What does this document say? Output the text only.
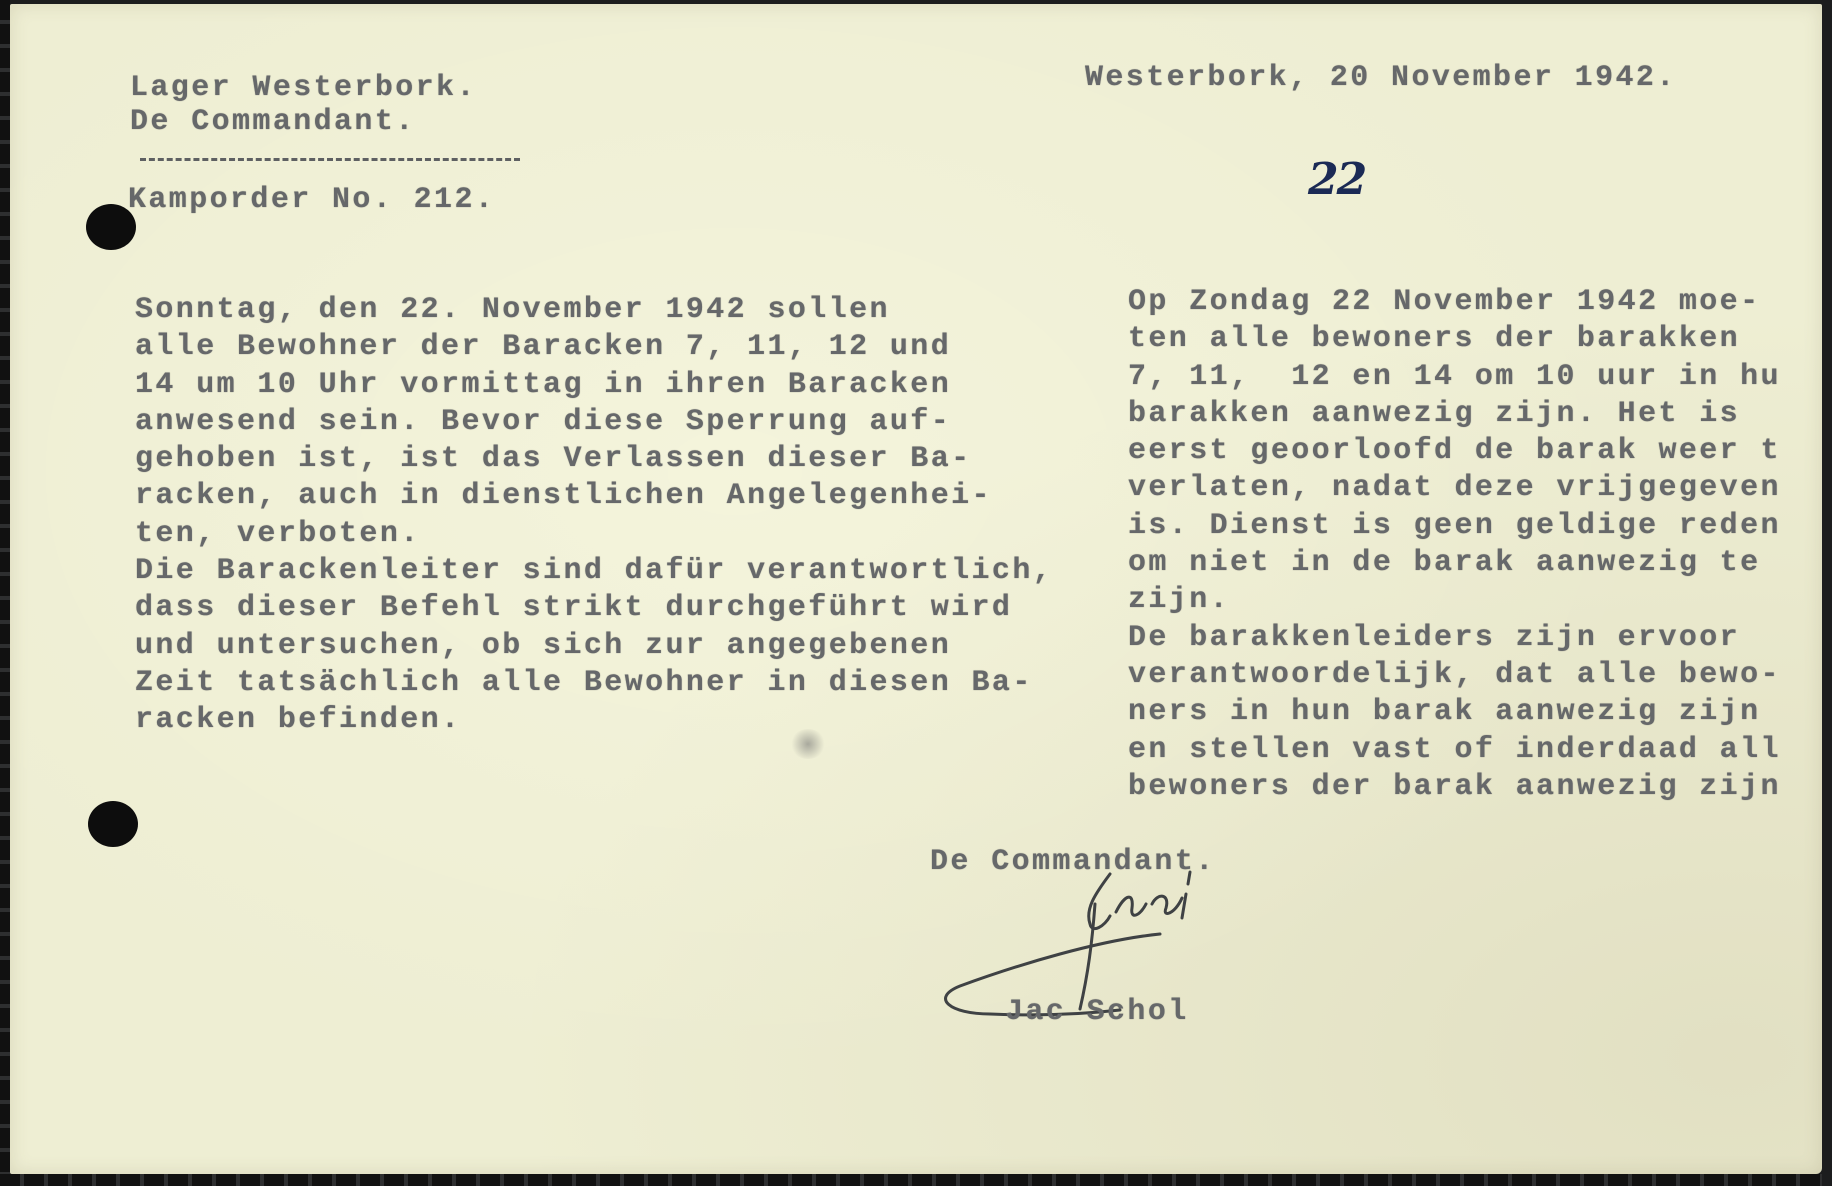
Lager Westerbork.
De Commandant.
Kamporder No. 212.
Westerbork, 20 November 1942.
22
Sonntag, den 22. November 1942 sollen
alle Bewohner der Baracken 7, 11, 12 und
14 um 10 Uhr vormittag in ihren Baracken
anwesend sein. Bevor diese Sperrung auf-
gehoben ist, ist das Verlassen dieser Ba-
racken, auch in dienstlichen Angelegenhei-
ten, verboten.
Die Barackenleiter sind dafür verantwortlich,
dass dieser Befehl strikt durchgeführt wird
und untersuchen, ob sich zur angegebenen
Zeit tatsächlich alle Bewohner in diesen Ba-
racken befinden.
Op Zondag 22 November 1942 moe-
ten alle bewoners der barakken
7, 11,  12 en 14 om 10 uur in hu
barakken aanwezig zijn. Het is
eerst geoorloofd de barak weer t
verlaten, nadat deze vrijgegeven
is. Dienst is geen geldige reden
om niet in de barak aanwezig te
zijn.
De barakkenleiders zijn ervoor
verantwoordelijk, dat alle bewo-
ners in hun barak aanwezig zijn
en stellen vast of inderdaad all
bewoners der barak aanwezig zijn
De Commandant.
Jac Schol
